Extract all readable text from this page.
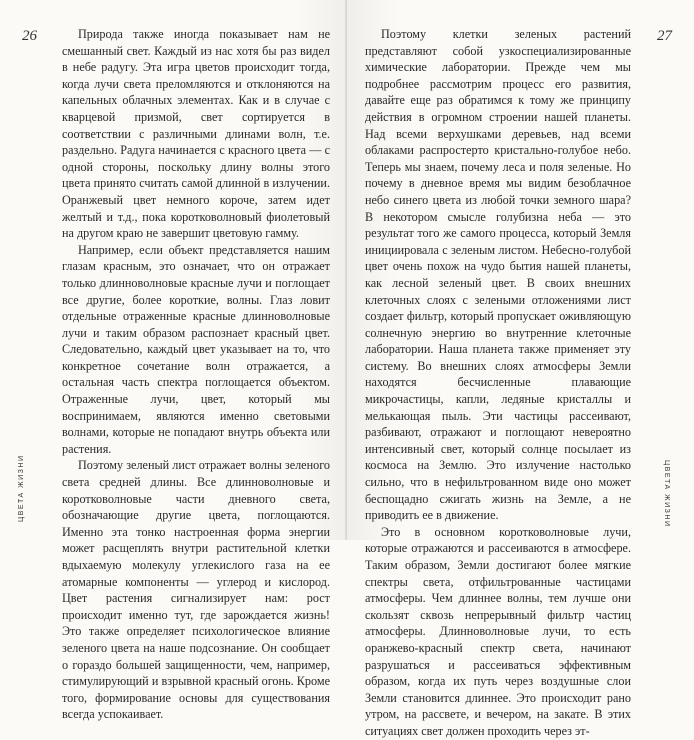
26	Природа также иногда показывает нам не смешанный свет. Каждый из нас хотя бы раз видел в небе радугу. Эта игра цветов происходит тогда, когда лучи света преломляются и отклоняются на капельных облачных элементах. Как и в случае с кварцевой призмой, свет сортируется в соответствии с различными длинами волн, т.е. раздельно. Радуга начинается с красного цвета — с одной стороны, поскольку длину волны этого цвета принято считать самой длинной в излучении. Оранжевый цвет немного короче, затем идет желтый и т.д., пока коротковолновый фиолетовый на другом краю не завершит цветовую гамму.

Например, если объект представляется нашим глазам красным, это означает, что он отражает только длинноволновые красные лучи и поглощает все другие, более короткие, волны. Глаз ловит отдельные отраженные красные длинноволновые лучи и таким образом распознает красный цвет. Следовательно, каждый цвет указывает на то, что конкретное сочетание волн отражается, а остальная часть спектра поглощается объектом. Отраженные лучи, цвет, который мы воспринимаем, являются именно световыми волнами, которые не попадают внутрь объекта или растения.

Поэтому зеленый лист отражает волны зеленого света средней длины. Все длинноволновые и коротковолновые части дневного света, обозначающие другие цвета, поглощаются. Именно эта тонко настроенная форма энергии может расщеплять внутри растительной клетки вдыхаемую молекулу углекислого газа на ее атомарные компоненты — углерод и кислород. Цвет растения сигнализирует нам: рост происходит именно тут, где зарождается жизнь! Это также определяет психологическое влияние зеленого цвета на наше подсознание. Он сообщает о гораздо большей защищенности, чем, например, стимулирующий и взрывной красный огонь. Кроме того, формирование основы для существования всегда успокаивает.

ЦВЕТА ЖИЗНИ
27

Поэтому клетки зеленых растений представляют собой узкоспециализированные химические лаборатории. Прежде чем мы подробнее рассмотрим процесс его развития, давайте еще раз обратимся к тому же принципу действия в огромном строении нашей планеты. Над всеми верхушками деревьев, над всеми облаками распростерто кристально-голубое небо. Теперь мы знаем, почему леса и поля зеленые. Но почему в дневное время мы видим безоблачное небо синего цвета из любой точки земного шара? В некотором смысле голубизна неба — это результат того же самого процесса, который Земля инициировала с зеленым листом. Небесно-голубой цвет очень похож на чудо бытия нашей планеты, как лесной зеленый цвет. В своих внешних клеточных слоях с зелеными отложениями лист создает фильтр, который пропускает оживляющую солнечную энергию во внутренние клеточные лаборатории. Наша планета также применяет эту систему. Во внешних слоях атмосферы Земли находятся бесчисленные плавающие микрочастицы, капли, ледяные кристаллы и мелькающая пыль. Эти частицы рассеивают, разбивают, отражают и поглощают невероятно интенсивный свет, который солнце посылает из космоса на Землю. Это излучение настолько сильно, что в нефильтрованном виде оно может беспощадно сжигать жизнь на Земле, а не приводить ее в движение.

Это в основном коротковолновые лучи, которые отражаются и рассеиваются в атмосфере. Таким образом, Земли достигают более мягкие спектры света, отфильтрованные частицами атмосферы. Чем длиннее волны, тем лучше они скользят сквозь непрерывный фильтр частиц атмосферы. Длинноволновые лучи, то есть оранжево-красный спектр света, начинают разрушаться и рассеиваться эффективным образом, когда их путь через воздушные слои Земли становится длиннее. Это происходит рано утром, на рассвете, и вечером, на закате. В этих ситуациях свет должен проходить через эт-

ЦВЕТА ЖИЗНИ
